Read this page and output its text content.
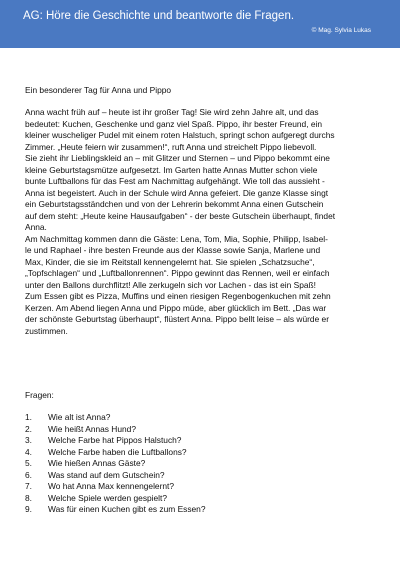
AG: Höre die Geschichte und beantworte die Fragen.
© Mag. Sylvia Lukas
Ein besonderer Tag für Anna und Pippo
Anna wacht früh auf – heute ist ihr großer Tag! Sie wird zehn Jahre alt, und das
bedeutet: Kuchen, Geschenke und ganz viel Spaß. Pippo, ihr bester Freund, ein
kleiner wuscheliger Pudel mit einem roten Halstuch, springt schon aufgeregt durchs
Zimmer. „Heute feiern wir zusammen!“, ruft Anna und streichelt Pippo liebevoll.
Sie zieht ihr Lieblingskleid an – mit Glitzer und Sternen – und Pippo bekommt eine
kleine Geburtstagsmütze aufgesetzt. Im Garten hatte Annas Mutter schon viele
bunte Luftballons für das Fest am Nachmittag aufgehängt. Wie toll das aussieht -
Anna ist begeistert. Auch in der Schule wird Anna gefeiert. Die ganze Klasse singt
ein Geburtstagsständchen und von der Lehrerin bekommt Anna einen Gutschein
auf dem steht: „Heute keine Hausaufgaben“ - der beste Gutschein überhaupt, findet
Anna.
Am Nachmittag kommen dann die Gäste: Lena, Tom, Mia, Sophie, Philipp, Isabel-
le und Raphael - ihre besten Freunde aus der Klasse sowie Sanja, Marlene und
Max, Kinder, die sie im Reitstall kennengelernt hat. Sie spielen „Schatzsuche“,
„Topfschlagen“ und „Luftballonrennen“. Pippo gewinnt das Rennen, weil er einfach
unter den Ballons durchflitzt! Alle zerkugeln sich vor Lachen - das ist ein Spaß!
Zum Essen gibt es Pizza, Muffins und einen riesigen Regenbogenkuchen mit zehn
Kerzen. Am Abend liegen Anna und Pippo müde, aber glücklich im Bett. „Das war
der schönste Geburtstag überhaupt“, flüstert Anna. Pippo bellt leise – als würde er
zustimmen.
Fragen:
1. Wie alt ist Anna?
2. Wie heißt Annas Hund?
3. Welche Farbe hat Pippos Halstuch?
4. Welche Farbe haben die Luftballons?
5. Wie hießen Annas Gäste?
6. Was stand auf dem Gutschein?
7. Wo hat Anna Max kennengelernt?
8. Welche Spiele werden gespielt?
9. Was für einen Kuchen gibt es zum Essen?
